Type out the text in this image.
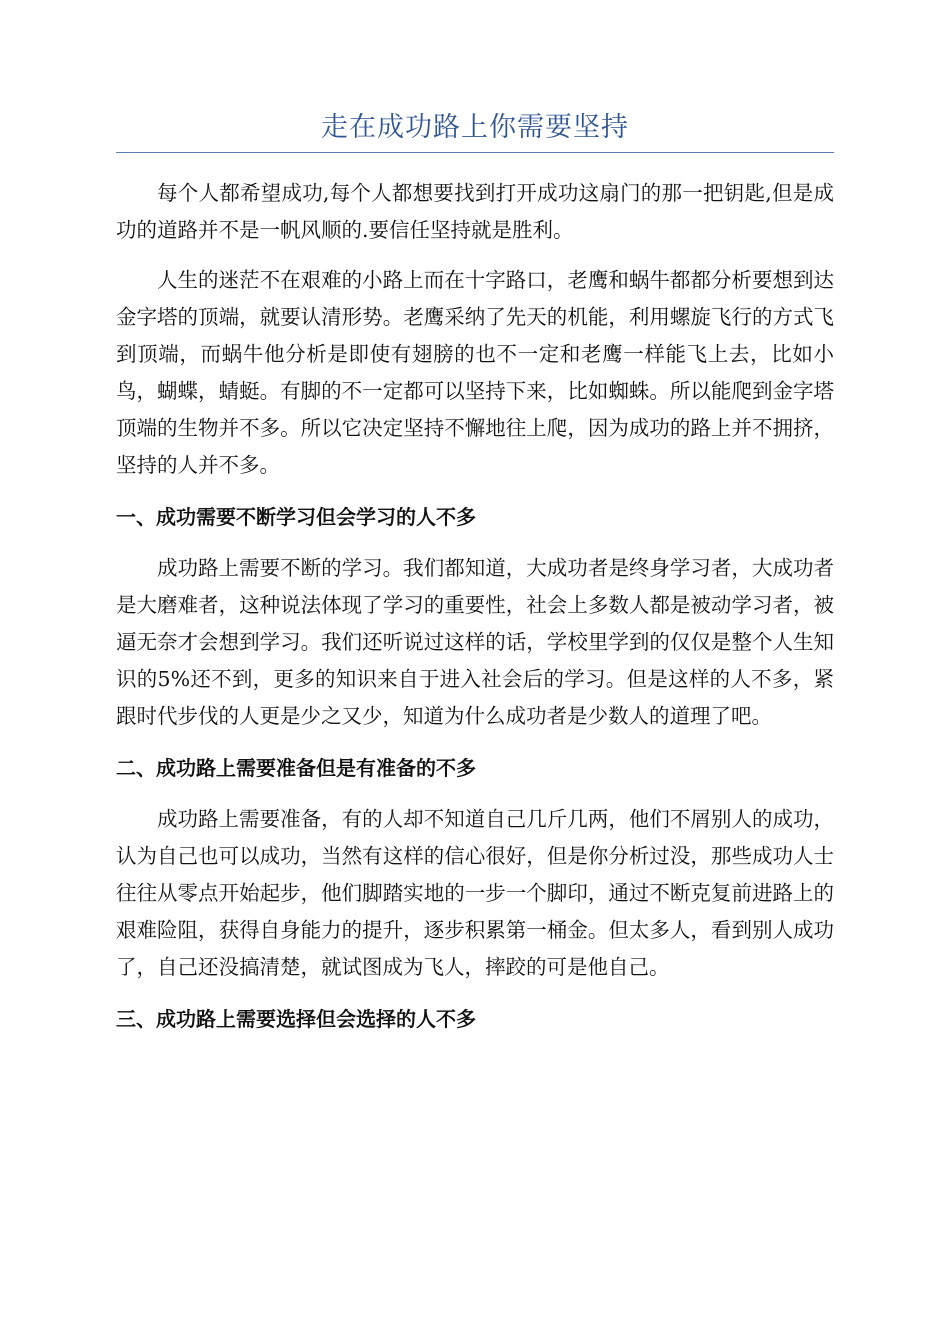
走在成功路上你需要坚持

每个人都希望成功,每个人都想要找到打开成功这扇门的那一把钥匙,但是成功的道路并不是一帆风顺的.要信任坚持就是胜利。

人生的迷茫不在艰难的小路上而在十字路口，老鹰和蜗牛都都分析要想到达金字塔的顶端，就要认清形势。老鹰采纳了先天的机能，利用螺旋飞行的方式飞到顶端，而蜗牛他分析是即使有翅膀的也不一定和老鹰一样能飞上去，比如小鸟，蝴蝶，蜻蜓。有脚的不一定都可以坚持下来，比如蜘蛛。所以能爬到金字塔顶端的生物并不多。所以它决定坚持不懈地往上爬，因为成功的路上并不拥挤，坚持的人并不多。

一、成功需要不断学习但会学习的人不多

成功路上需要不断的学习。我们都知道，大成功者是终身学习者，大成功者是大磨难者，这种说法体现了学习的重要性，社会上多数人都是被动学习者，被逼无奈才会想到学习。我们还听说过这样的话，学校里学到的仅仅是整个人生知识的5%还不到，更多的知识来自于进入社会后的学习。但是这样的人不多，紧跟时代步伐的人更是少之又少，知道为什么成功者是少数人的道理了吧。

二、成功路上需要准备但是有准备的不多

成功路上需要准备，有的人却不知道自己几斤几两，他们不屑别人的成功，认为自己也可以成功，当然有这样的信心很好，但是你分析过没，那些成功人士往往从零点开始起步，他们脚踏实地的一步一个脚印，通过不断克复前进路上的艰难险阻，获得自身能力的提升，逐步积累第一桶金。但太多人，看到别人成功了，自己还没搞清楚，就试图成为飞人，摔跤的可是他自己。

三、成功路上需要选择但会选择的人不多
